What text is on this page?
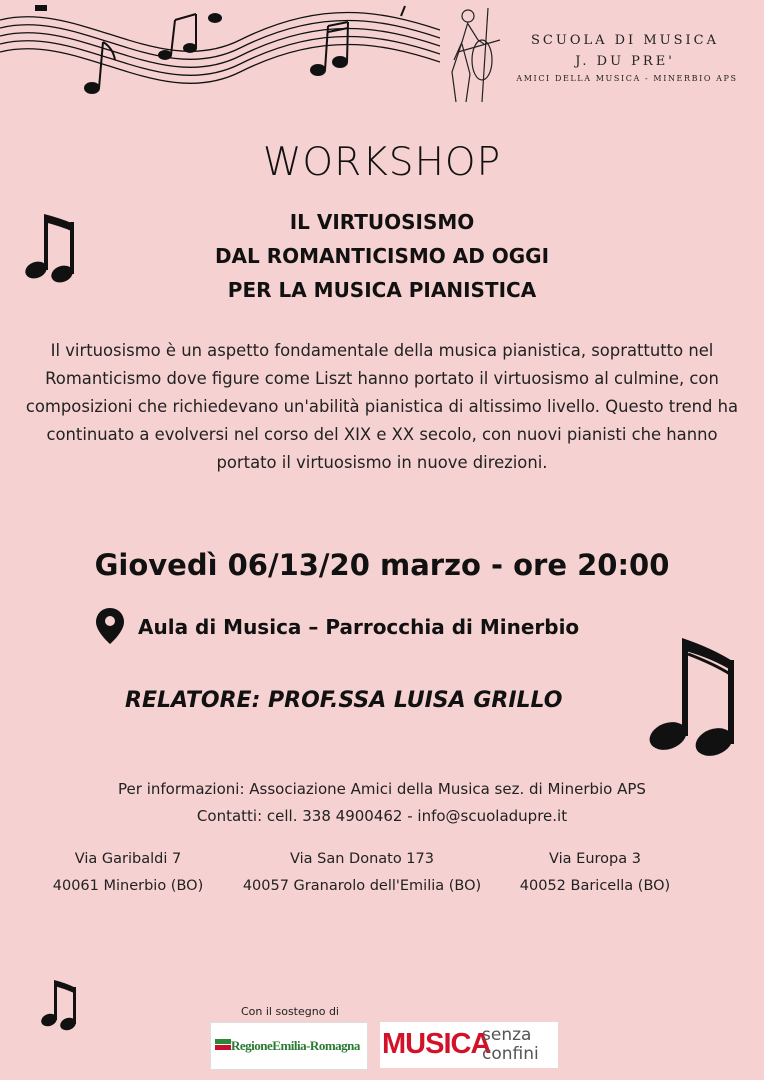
SCUOLA DI MUSICA
J. DU PRE'
AMICI DELLA MUSICA - MINERBIO APS
WORKSHOP
IL VIRTUOSISMO
DAL ROMANTICISMO AD OGGI
PER LA MUSICA PIANISTICA
Il virtuosismo è un aspetto fondamentale della musica pianistica, soprattutto nel Romanticismo dove figure come Liszt hanno portato il virtuosismo al culmine, con composizioni che richiedevano un'abilità pianistica di altissimo livello. Questo trend ha continuato a evolversi nel corso del XIX e XX secolo, con nuovi pianisti che hanno portato il virtuosismo in nuove direzioni.
Giovedì 06/13/20 marzo - ore 20:00
Aula di Musica – Parrocchia di Minerbio
RELATORE: PROF.SSA LUISA GRILLO
Per informazioni: Associazione Amici della Musica sez. di Minerbio APS
Contatti: cell. 338 4900462 - info@scuoladupre.it
Via Garibaldi 7
40061 Minerbio (BO)
Via San Donato 173
40057 Granarolo dell'Emilia (BO)
Via Europa 3
40052 Baricella (BO)
Con il sostegno di
RegioneEmilia-Romagna MUSICA
senza
confini
